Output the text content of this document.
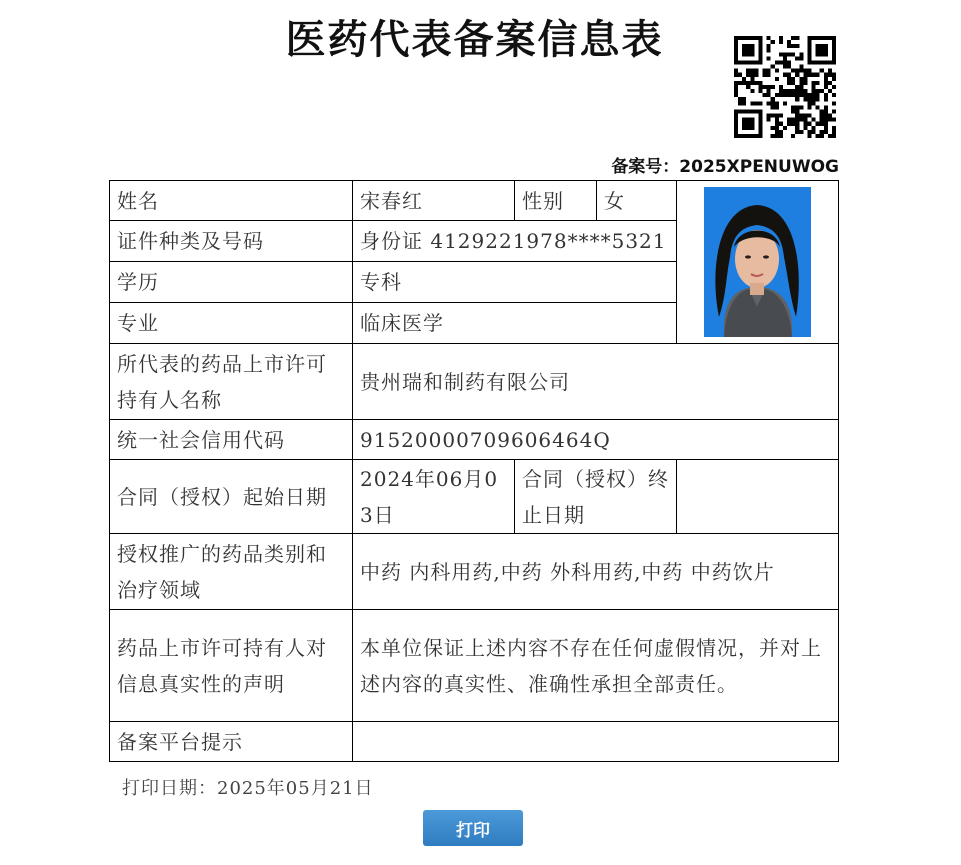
医药代表备案信息表
备案号：2025XPENUWOG
姓名	宋春红	性别	女	

证件种类及号码	身份证 4129221978****5321			
学历	专科			
专业	临床医学			
所代表的药品上市许可持有人名称	贵州瑞和制药有限公司			
统一社会信用代码	91520000709606464Q			
合同（授权）起始日期	2024年06月03日	合同（授权）终止日期		
授权推广的药品类别和治疗领域	中药 内科用药,中药 外科用药,中药 中药饮片			
药品上市许可持有人对信息真实性的声明	本单位保证上述内容不存在任何虚假情况，并对上述内容的真实性、准确性承担全部责任。			
备案平台提示				
打印日期：2025年05月21日
打印
